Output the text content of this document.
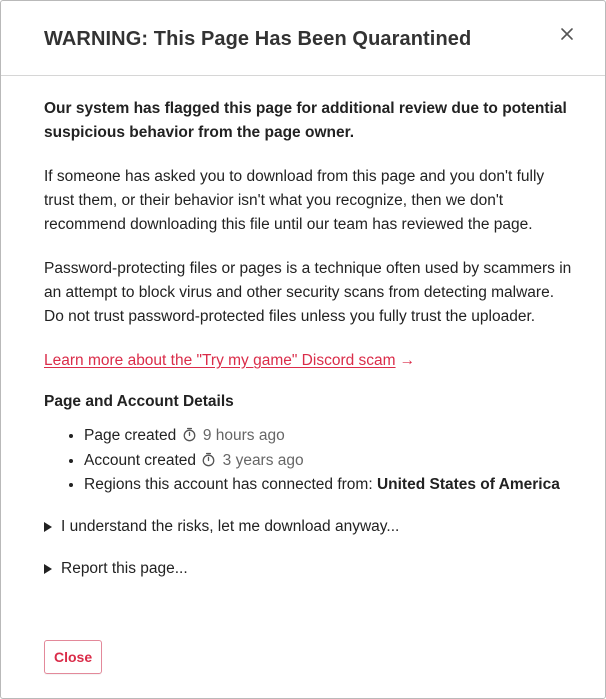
WARNING: This Page Has Been Quarantined

Our system has flagged this page for additional review due to potential suspicious behavior from the page owner.

If someone has asked you to download from this page and you don't fully trust them, or their behavior isn't what you recognize, then we don't recommend downloading this file until our team has reviewed the page.

Password-protecting files or pages is a technique often used by scammers in an attempt to block virus and other security scans from detecting malware. Do not trust password-protected files unless you fully trust the uploader.

Learn more about the "Try my game" Discord scam →
Page and Account Details
• Page created 9 hours ago
• Account created 3 years ago
• Regions this account has connected from: United States of America
I understand the risks, let me download anyway...
Report this page...
Close
